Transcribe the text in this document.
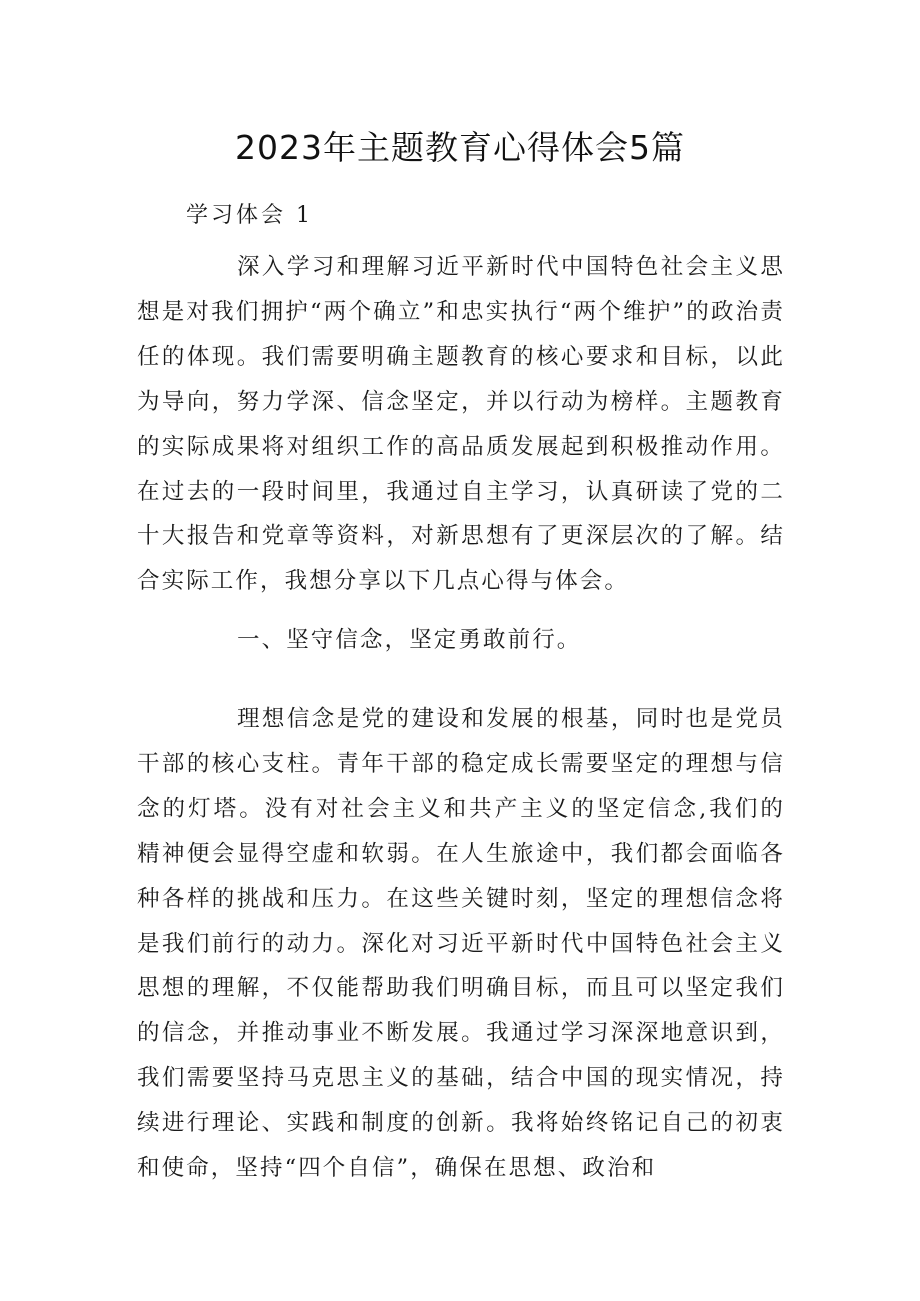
2023年主题教育心得体会5篇

学习体会 1

深入学习和理解习近平新时代中国特色社会主义思想是对我们拥护“两个确立”和忠实执行“两个维护”的政治责任的体现。我们需要明确主题教育的核心要求和目标，以此为导向，努力学深、信念坚定，并以行动为榜样。主题教育的实际成果将对组织工作的高品质发展起到积极推动作用。在过去的一段时间里，我通过自主学习，认真研读了党的二十大报告和党章等资料，对新思想有了更深层次的了解。结合实际工作，我想分享以下几点心得与体会。

一、坚守信念，坚定勇敢前行。

理想信念是党的建设和发展的根基，同时也是党员干部的核心支柱。青年干部的稳定成长需要坚定的理想与信念的灯塔。没有对社会主义和共产主义的坚定信念,我们的精神便会显得空虚和软弱。在人生旅途中，我们都会面临各种各样的挑战和压力。在这些关键时刻，坚定的理想信念将是我们前行的动力。深化对习近平新时代中国特色社会主义思想的理解，不仅能帮助我们明确目标，而且可以坚定我们的信念，并推动事业不断发展。我通过学习深深地意识到，我们需要坚持马克思主义的基础，结合中国的现实情况，持续进行理论、实践和制度的创新。我将始终铭记自己的初衷和使命，坚持“四个自信”，确保在思想、政治和
